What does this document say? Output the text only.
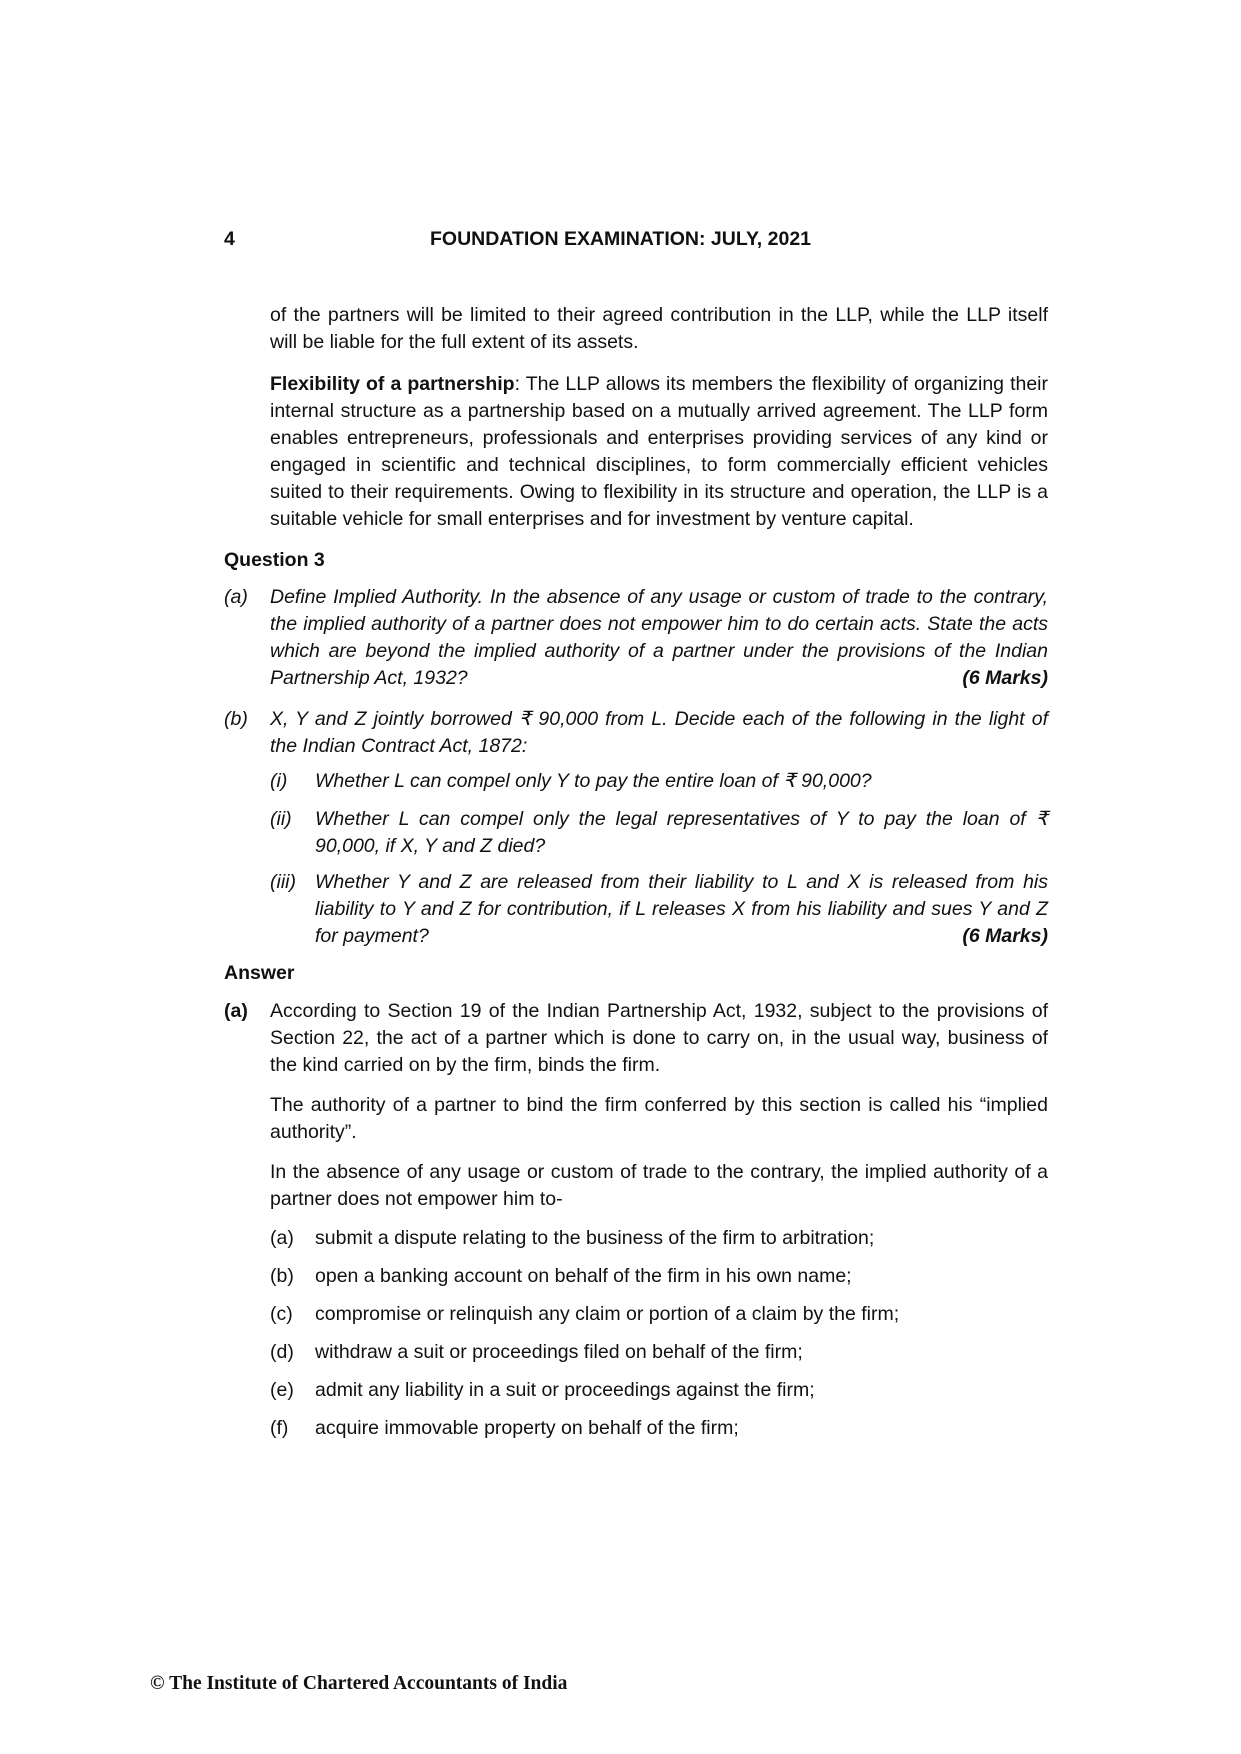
4	FOUNDATION EXAMINATION: JULY, 2021

of the partners will be limited to their agreed contribution in the LLP, while the LLP itself will be liable for the full extent of its assets.

Flexibility of a partnership: The LLP allows its members the flexibility of organizing their internal structure as a partnership based on a mutually arrived agreement. The LLP form enables entrepreneurs, professionals and enterprises providing services of any kind or engaged in scientific and technical disciplines, to form commercially efficient vehicles suited to their requirements. Owing to flexibility in its structure and operation, the LLP is a suitable vehicle for small enterprises and for investment by venture capital.

Question 3
(a) Define Implied Authority. In the absence of any usage or custom of trade to the contrary, the implied authority of a partner does not empower him to do certain acts. State the acts which are beyond the implied authority of a partner under the provisions of the Indian Partnership Act, 1932?	(6 Marks)
(b) X, Y and Z jointly borrowed ₹ 90,000 from L. Decide each of the following in the light of the Indian Contract Act, 1872:
(i) Whether L can compel only Y to pay the entire loan of ₹ 90,000?
(ii) Whether L can compel only the legal representatives of Y to pay the loan of ₹ 90,000, if X, Y and Z died?
(iii) Whether Y and Z are released from their liability to L and X is released from his liability to Y and Z for contribution, if L releases X from his liability and sues Y and Z for payment?	(6 Marks)
Answer
(a) According to Section 19 of the Indian Partnership Act, 1932, subject to the provisions of Section 22, the act of a partner which is done to carry on, in the usual way, business of the kind carried on by the firm, binds the firm.

The authority of a partner to bind the firm conferred by this section is called his “implied authority”.

In the absence of any usage or custom of trade to the contrary, the implied authority of a partner does not empower him to-

(a) submit a dispute relating to the business of the firm to arbitration;
(b) open a banking account on behalf of the firm in his own name;
(c) compromise or relinquish any claim or portion of a claim by the firm;
(d) withdraw a suit or proceedings filed on behalf of the firm;
(e) admit any liability in a suit or proceedings against the firm;
(f) acquire immovable property on behalf of the firm;
© The Institute of Chartered Accountants of India
